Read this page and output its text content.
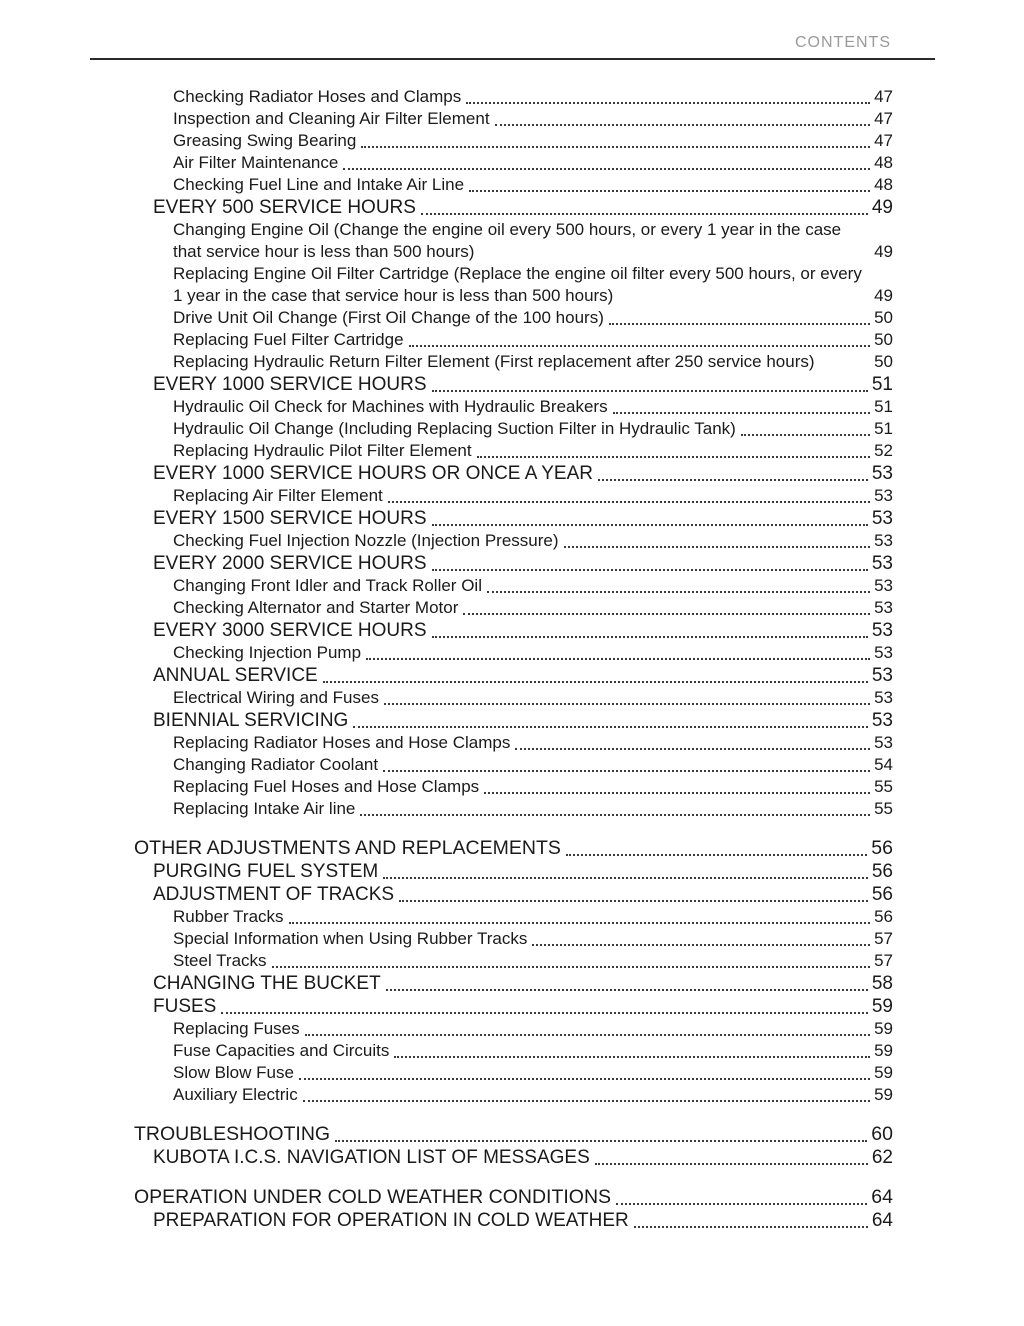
CONTENTS
Checking Radiator Hoses and Clamps	47
Inspection and Cleaning Air Filter Element	47
Greasing Swing Bearing	47
Air Filter Maintenance	48
Checking Fuel Line and Intake Air Line	48
EVERY 500 SERVICE HOURS	49
Changing Engine Oil (Change the engine oil every 500 hours, or every 1 year in the case that service hour is less than 500 hours)	49
Replacing Engine Oil Filter Cartridge (Replace the engine oil filter every 500 hours, or every 1 year in the case that service hour is less than 500 hours)	49
Drive Unit Oil Change (First Oil Change of the 100 hours)	50
Replacing Fuel Filter Cartridge	50
Replacing Hydraulic Return Filter Element (First replacement after 250 service hours)	50
EVERY 1000 SERVICE HOURS	51
Hydraulic Oil Check for Machines with Hydraulic Breakers	51
Hydraulic Oil Change (Including Replacing Suction Filter in Hydraulic Tank)	51
Replacing Hydraulic Pilot Filter Element	52
EVERY 1000 SERVICE HOURS OR ONCE A YEAR	53
Replacing Air Filter Element	53
EVERY 1500 SERVICE HOURS	53
Checking Fuel Injection Nozzle (Injection Pressure)	53
EVERY 2000 SERVICE HOURS	53
Changing Front Idler and Track Roller Oil	53
Checking Alternator and Starter Motor	53
EVERY 3000 SERVICE HOURS	53
Checking Injection Pump	53
ANNUAL SERVICE	53
Electrical Wiring and Fuses	53
BIENNIAL SERVICING	53
Replacing Radiator Hoses and Hose Clamps	53
Changing Radiator Coolant	54
Replacing Fuel Hoses and Hose Clamps	55
Replacing Intake Air line	55
OTHER ADJUSTMENTS AND REPLACEMENTS	56
PURGING FUEL SYSTEM	56
ADJUSTMENT OF TRACKS	56
Rubber Tracks	56
Special Information when Using Rubber Tracks	57
Steel Tracks	57
CHANGING THE BUCKET	58
FUSES	59
Replacing Fuses	59
Fuse Capacities and Circuits	59
Slow Blow Fuse	59
Auxiliary Electric	59
TROUBLESHOOTING	60
KUBOTA I.C.S. NAVIGATION LIST OF MESSAGES	62
OPERATION UNDER COLD WEATHER CONDITIONS	64
PREPARATION FOR OPERATION IN COLD WEATHER	64
